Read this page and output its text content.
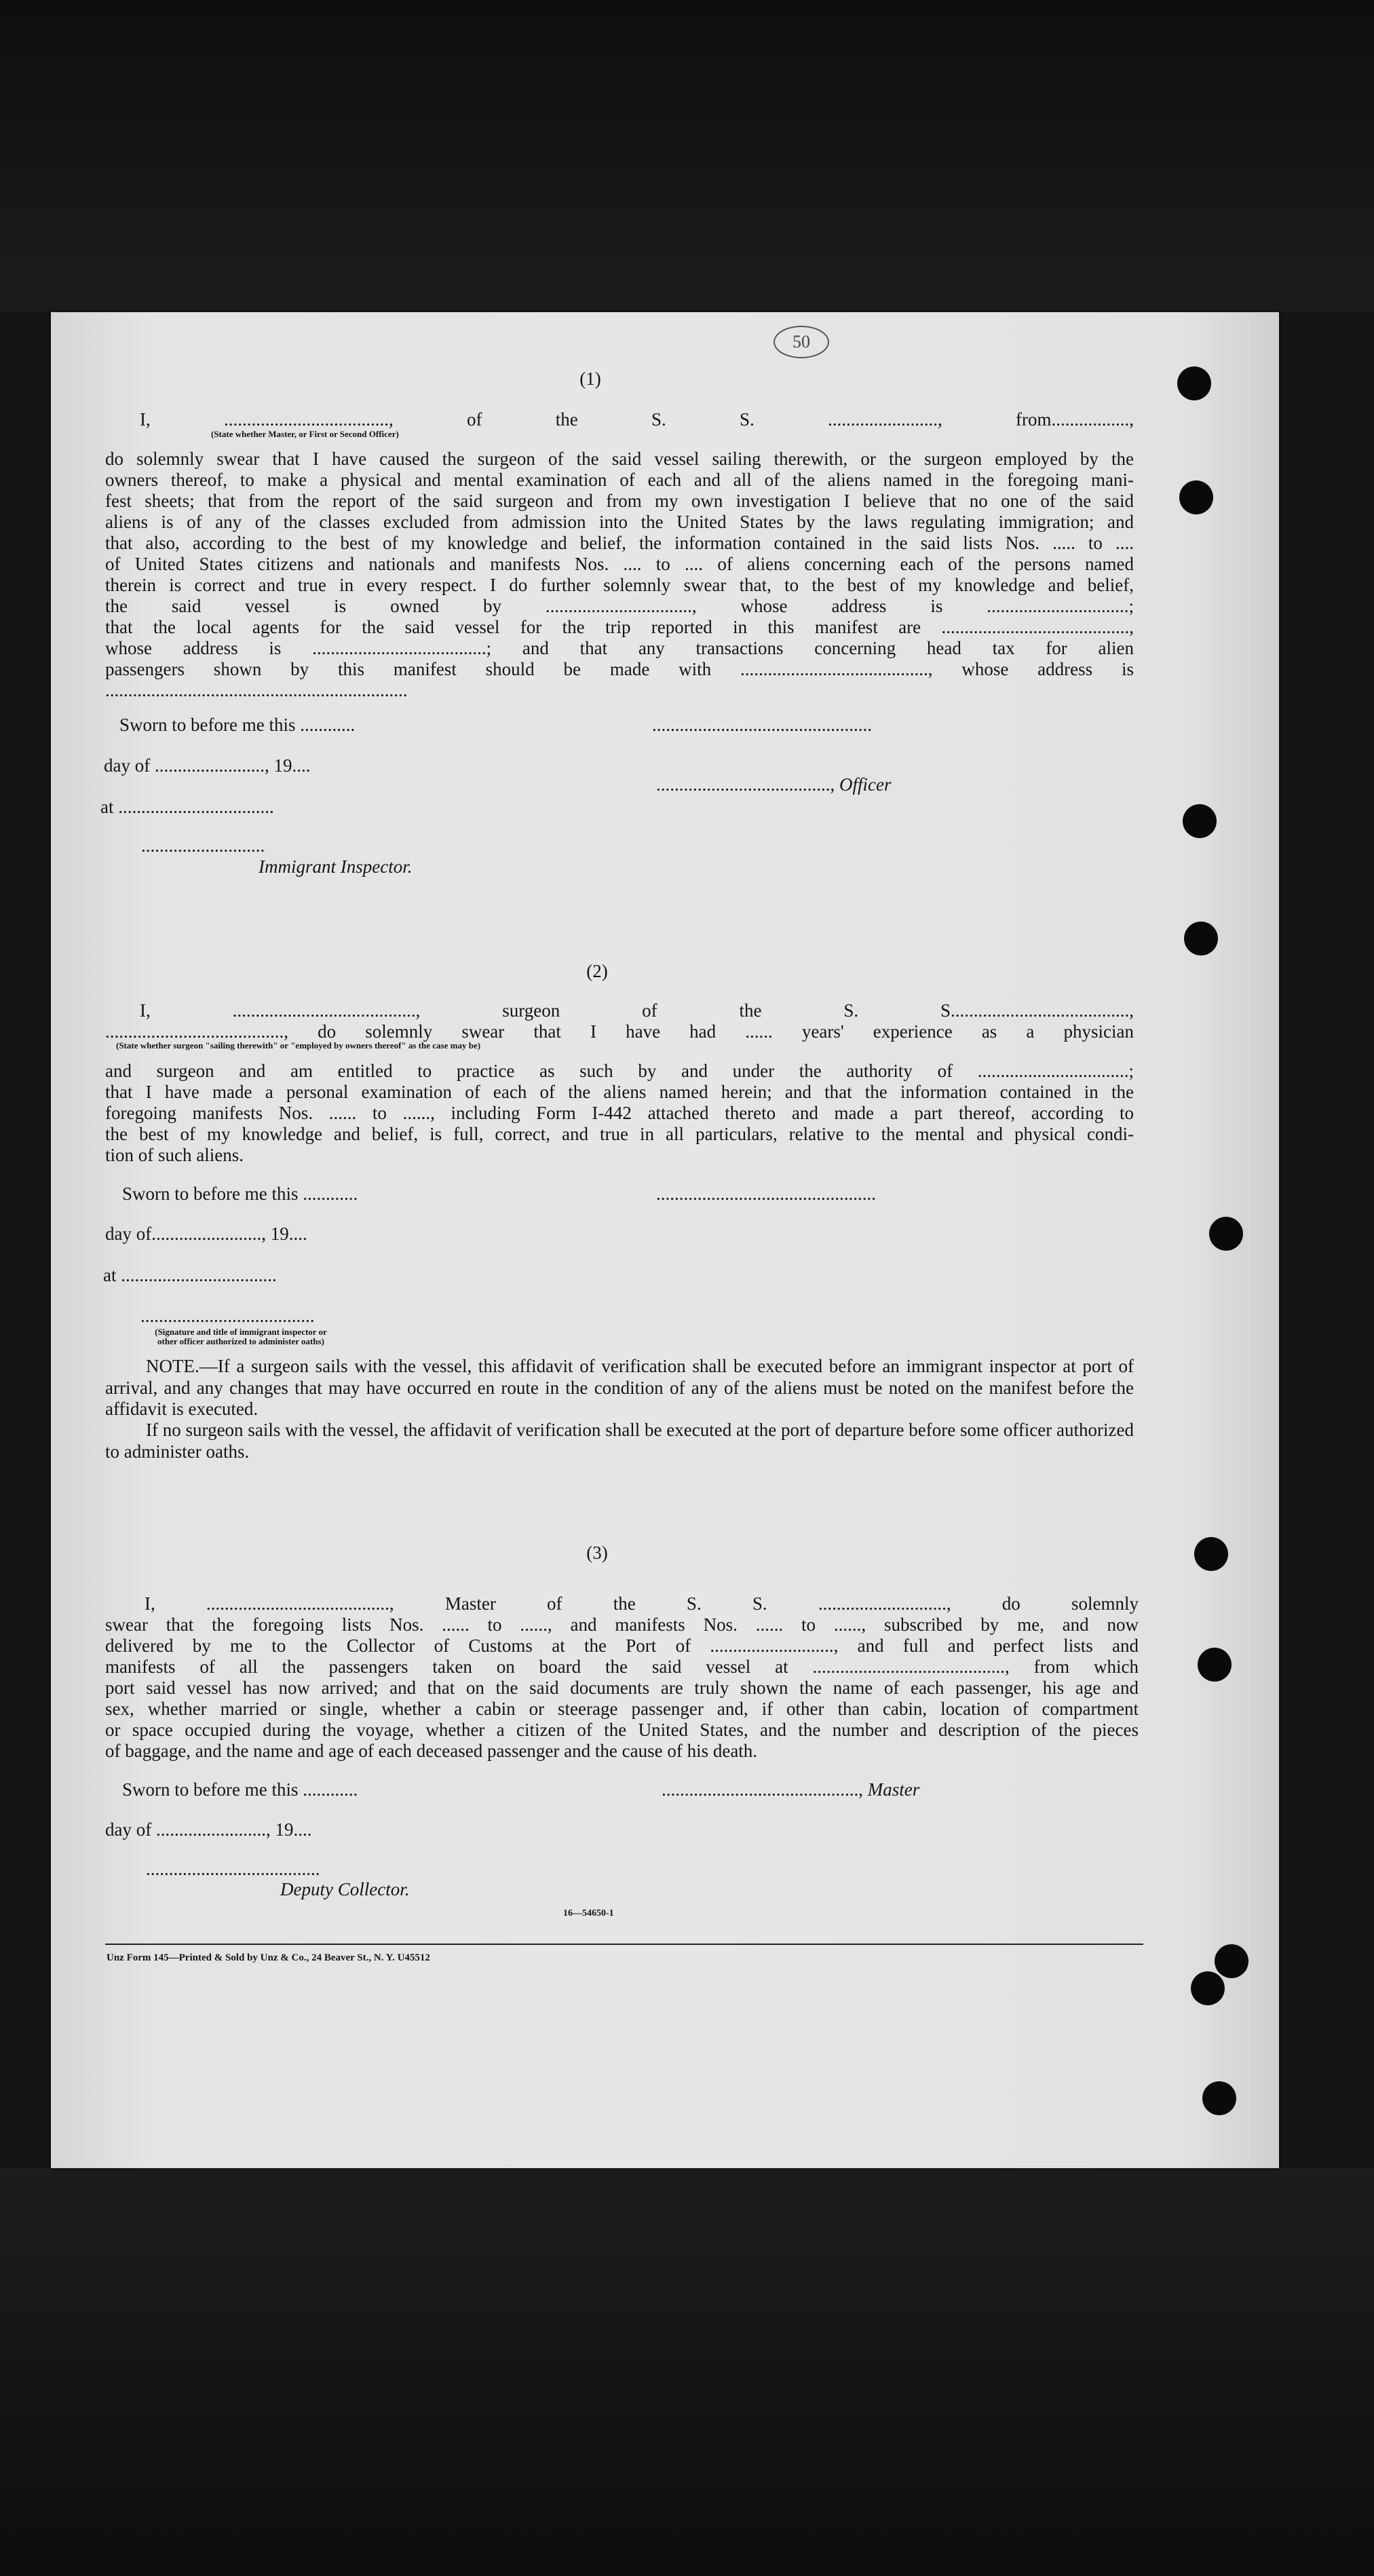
50
(1)
I, ...................................., of the S. S. ........................, from.................,
(State whether Master, or First or Second Officer)
do solemnly swear that I have caused the surgeon of the said vessel sailing therewith, or the surgeon employed by the
owners thereof, to make a physical and mental examination of each and all of the aliens named in the foregoing mani-
fest sheets; that from the report of the said surgeon and from my own investigation I believe that no one of the said
aliens is of any of the classes excluded from admission into the United States by the laws regulating immigration; and
that also, according to the best of my knowledge and belief, the information contained in the said lists Nos. ..... to ....
of United States citizens and nationals and manifests Nos. .... to .... of aliens concerning each of the persons named
therein is correct and true in every respect. I do further solemnly swear that, to the best of my knowledge and belief,
the said vessel is owned by ................................, whose address is ...............................;
that the local agents for the said vessel for the trip reported in this manifest are .........................................,
whose address is ......................................; and that any transactions concerning head tax for alien
passengers shown by this manifest should be made with ........................................., whose address is
..................................................................
Sworn to before me this ............	................................................
day of ........................, 19....
......................................, Officer
at ..................................
...........................
Immigrant Inspector.
(2)
I, ........................................, surgeon of the S. S.......................................,
......................................., do solemnly swear that I have had ...... years' experience as a physician
(State whether surgeon "sailing therewith" or "employed by owners thereof" as the case may be)
and surgeon and am entitled to practice as such by and under the authority of .................................;
that I have made a personal examination of each of the aliens named herein; and that the information contained in the
foregoing manifests Nos. ...... to ......, including Form I-442 attached thereto and made a part thereof, according to
the best of my knowledge and belief, is full, correct, and true in all particulars, relative to the mental and physical condi-
tion of such aliens.
Sworn to before me this ............	................................................
day of........................, 19....
at ..................................
......................................
(Signature and title of immigrant inspector or
other officer authorized to administer oaths)
NOTE.—If a surgeon sails with the vessel, this affidavit of verification shall be executed before an immigrant inspector at port of arrival, and any changes that may have occurred en route in the condition of any of the aliens must be noted on the manifest before the affidavit is executed.
If no surgeon sails with the vessel, the affidavit of verification shall be executed at the port of departure before some officer authorized to administer oaths.
(3)
I, ........................................, Master of the S. S. ............................, do solemnly
swear that the foregoing lists Nos. ...... to ......, and manifests Nos. ...... to ......, subscribed by me, and now
delivered by me to the Collector of Customs at the Port of ..........................., and full and perfect lists and
manifests of all the passengers taken on board the said vessel at .........................................., from which
port said vessel has now arrived; and that on the said documents are truly shown the name of each passenger, his age and
sex, whether married or single, whether a cabin or steerage passenger and, if other than cabin, location of compartment
or space occupied during the voyage, whether a citizen of the United States, and the number and description of the pieces
of baggage, and the name and age of each deceased passenger and the cause of his death.
Sworn to before me this ............	..........................................., Master
day of ........................, 19....
......................................
Deputy Collector.
16—54650-1
Unz Form 145—Printed & Sold by Unz & Co., 24 Beaver St., N. Y. U45512
